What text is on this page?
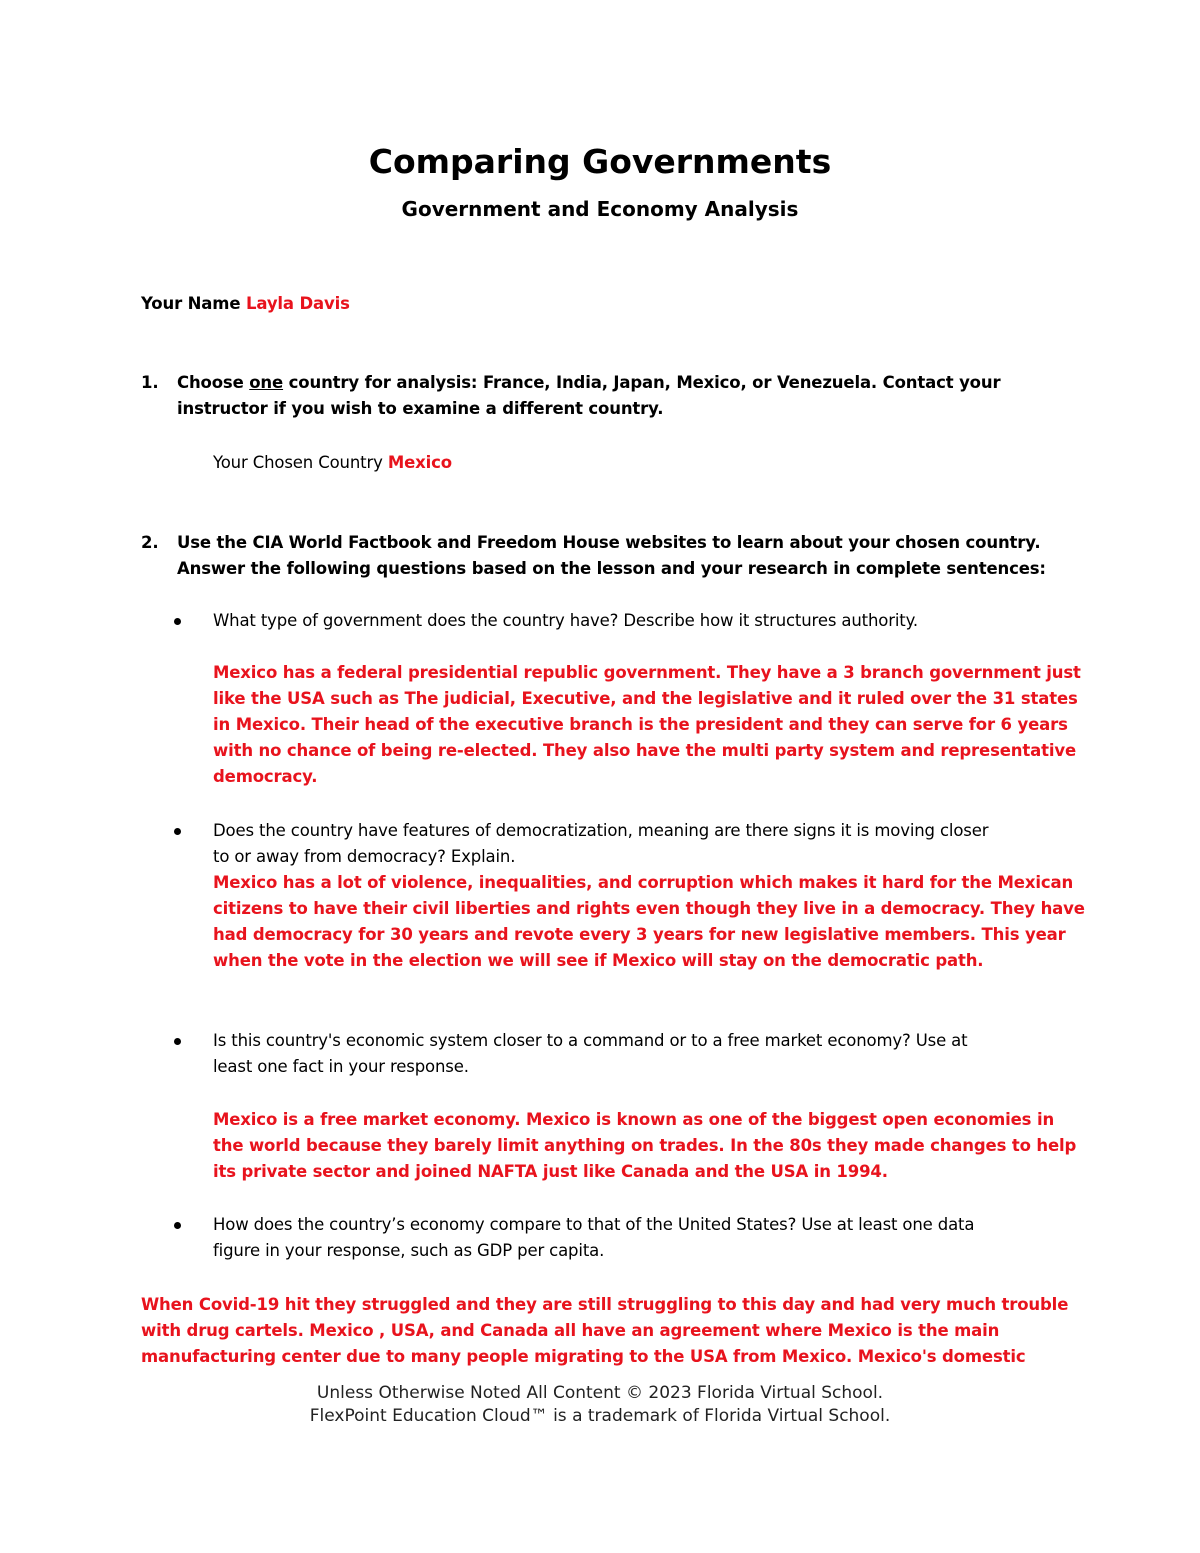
Comparing Governments
Government and Economy Analysis
Your Name Layla Davis
1. Choose one country for analysis: France, India, Japan, Mexico, or Venezuela. Contact your
instructor if you wish to examine a different country.
Your Chosen Country Mexico
2. Use the CIA World Factbook and Freedom House websites to learn about your chosen country.
Answer the following questions based on the lesson and your research in complete sentences:
What type of government does the country have? Describe how it structures authority.
Mexico has a federal presidential republic government. They have a 3 branch government just
like the USA such as The judicial, Executive, and the legislative and it ruled over the 31 states
in Mexico. Their head of the executive branch is the president and they can serve for 6 years
with no chance of being re-elected. They also have the multi party system and representative
democracy.
Does the country have features of democratization, meaning are there signs it is moving closer
to or away from democracy? Explain.
Mexico has a lot of violence, inequalities, and corruption which makes it hard for the Mexican
citizens to have their civil liberties and rights even though they live in a democracy. They have
had democracy for 30 years and revote every 3 years for new legislative members. This year
when the vote in the election we will see if Mexico will stay on the democratic path.
Is this country's economic system closer to a command or to a free market economy? Use at
least one fact in your response.
Mexico is a free market economy. Mexico is known as one of the biggest open economies in
the world because they barely limit anything on trades. In the 80s they made changes to help
its private sector and joined NAFTA just like Canada and the USA in 1994.
How does the country’s economy compare to that of the United States? Use at least one data
figure in your response, such as GDP per capita.
When Covid-19 hit they struggled and they are still struggling to this day and had very much trouble
with drug cartels. Mexico , USA, and Canada all have an agreement where Mexico is the main
manufacturing center due to many people migrating to the USA from Mexico. Mexico's domestic
Unless Otherwise Noted All Content © 2023 Florida Virtual School.
FlexPoint Education Cloud™ is a trademark of Florida Virtual School.
